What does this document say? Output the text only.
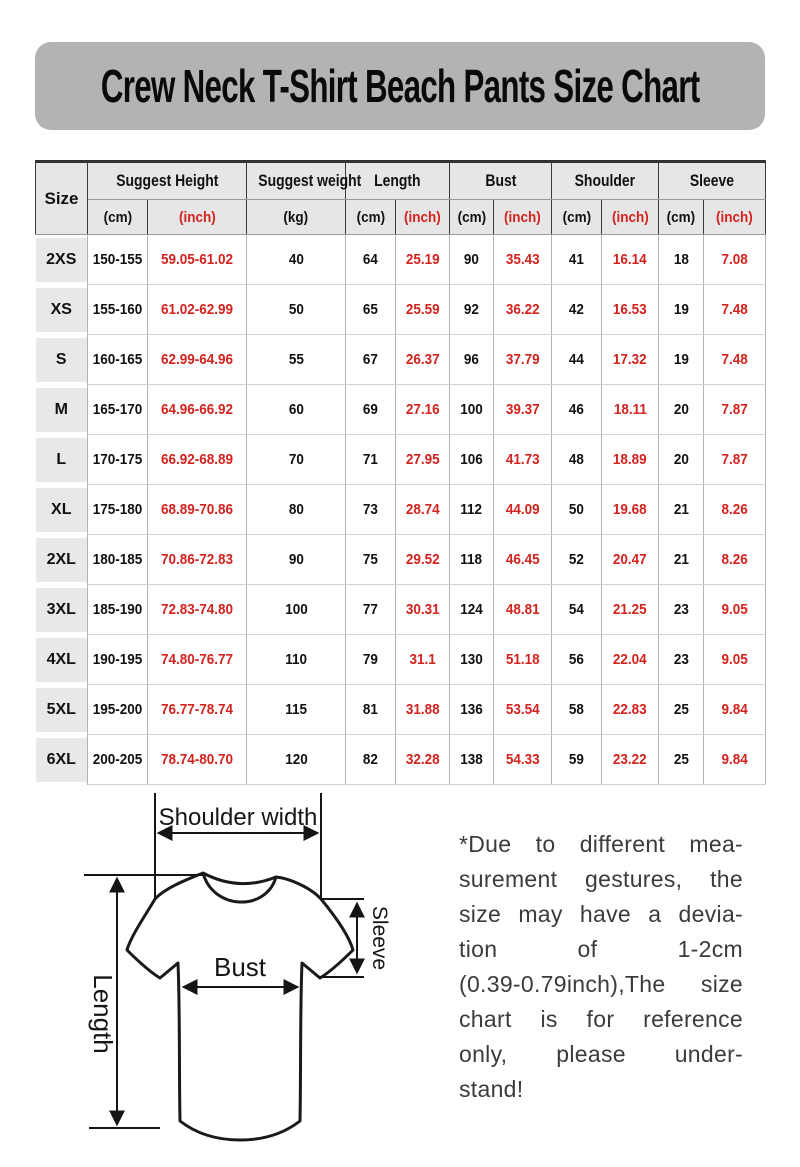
Crew Neck T-Shirt Beach Pants Size Chart
Size	Suggest Height		Suggest weight	Length		Bust		Shoulder		Sleeve	
	(cm)	(inch)	(kg)	(cm)	(inch)	(cm)	(inch)	(cm)	(inch)	(cm)	(inch)

2XS	150-155	59.05-61.02	40	64	25.19	90	35.43	41	16.14	18	7.08

XS	155-160	61.02-62.99	50	65	25.59	92	36.22	42	16.53	19	7.48

S	160-165	62.99-64.96	55	67	26.37	96	37.79	44	17.32	19	7.48

M	165-170	64.96-66.92	60	69	27.16	100	39.37	46	18.11	20	7.87

L	170-175	66.92-68.89	70	71	27.95	106	41.73	48	18.89	20	7.87

XL	175-180	68.89-70.86	80	73	28.74	112	44.09	50	19.68	21	8.26

2XL	180-185	70.86-72.83	90	75	29.52	118	46.45	52	20.47	21	8.26

3XL	185-190	72.83-74.80	100	77	30.31	124	48.81	54	21.25	23	9.05

4XL	190-195	74.80-76.77	110	79	31.1	130	51.18	56	22.04	23	9.05

5XL	195-200	76.77-78.74	115	81	31.88	136	53.54	58	22.83	25	9.84

6XL	200-205	78.74-80.70	120	82	32.28	138	54.33	59	23.22	25	9.84
Shoulder width
Length
Bust	Sleeve
*Due to different mea-
surement gestures, the
size may have a devia-
tion of 1-2cm
(0.39-0.79inch),The size
chart is for reference
only, please under-
stand!
